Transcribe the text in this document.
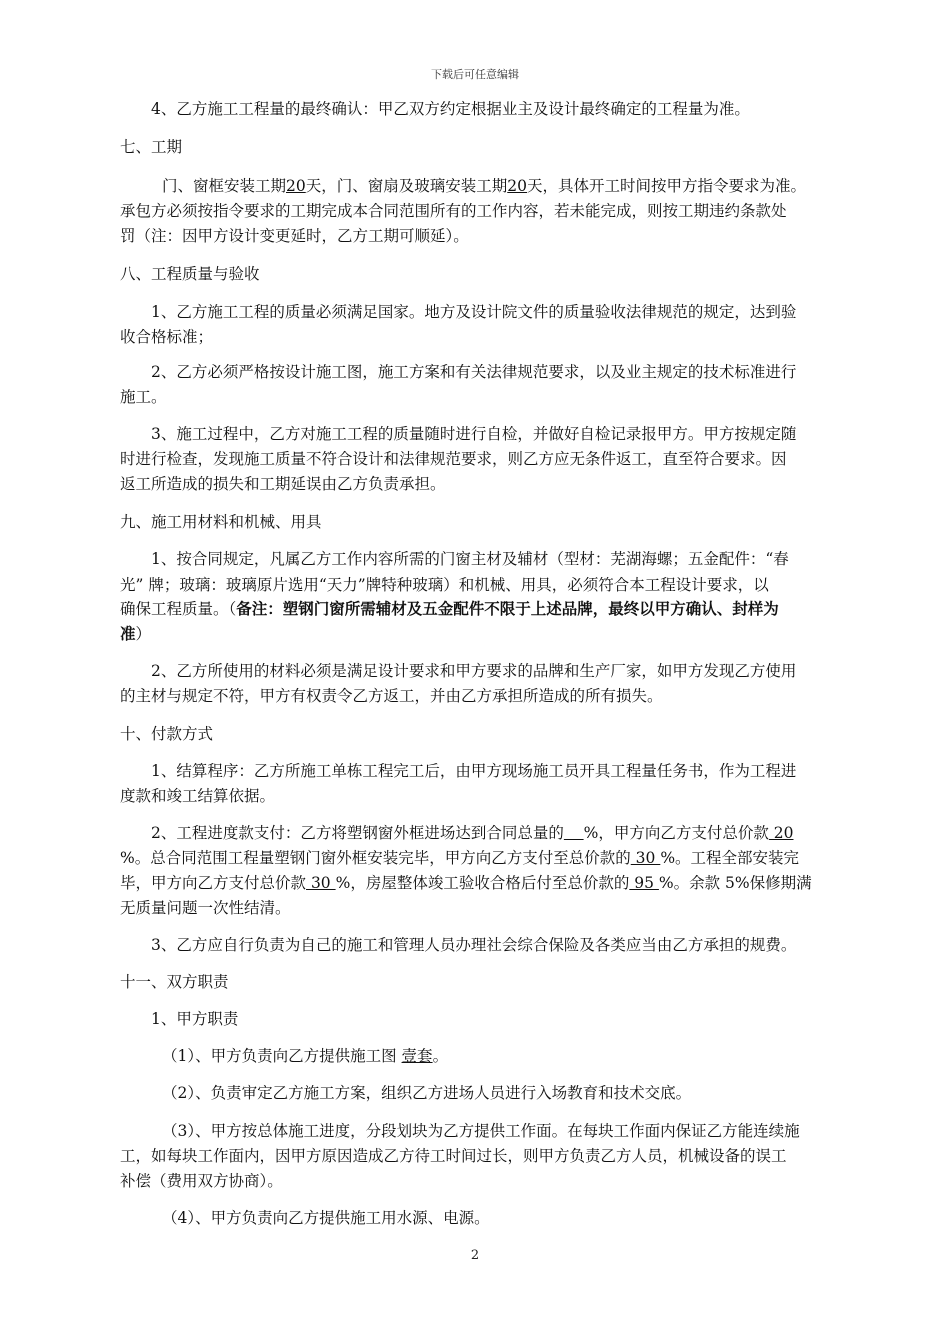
下载后可任意编辑
4、乙方施工工程量的最终确认：甲乙双方约定根据业主及设计最终确定的工程量为准。
七、工期
门、窗框安装工期20天，门、窗扇及玻璃安装工期20天，具体开工时间按甲方指令要求为准。
承包方必须按指令要求的工期完成本合同范围所有的工作内容，若未能完成，则按工期违约条款处
罚（注：因甲方设计变更延时，乙方工期可顺延）。
八、工程质量与验收
1、乙方施工工程的质量必须满足国家。地方及设计院文件的质量验收法律规范的规定，达到验
收合格标准；
2、乙方必须严格按设计施工图，施工方案和有关法律规范要求，以及业主规定的技术标准进行
施工。
3、施工过程中，乙方对施工工程的质量随时进行自检，并做好自检记录报甲方。甲方按规定随
时进行检查，发现施工质量不符合设计和法律规范要求，则乙方应无条件返工，直至符合要求。因
返工所造成的损失和工期延误由乙方负责承担。
九、施工用材料和机械、用具
1、按合同规定，凡属乙方工作内容所需的门窗主材及辅材（型材：芜湖海螺；五金配件：“春
光” 牌；玻璃：玻璃原片选用“天力”牌特种玻璃）和机械、用具，必须符合本工程设计要求，以
确保工程质量。（备注：塑钢门窗所需辅材及五金配件不限于上述品牌，最终以甲方确认、封样为
准）
2、乙方所使用的材料必须是满足设计要求和甲方要求的品牌和生产厂家，如甲方发现乙方使用
的主材与规定不符，甲方有权责令乙方返工，并由乙方承担所造成的所有损失。
十、付款方式
1、结算程序：乙方所施工单栋工程完工后，由甲方现场施工员开具工程量任务书，作为工程进
度款和竣工结算依据。
2、工程进度款支付：乙方将塑钢窗外框进场达到合同总量的 %，甲方向乙方支付总价款 20
%。总合同范围工程量塑钢门窗外框安装完毕，甲方向乙方支付至总价款的 30 %。工程全部安装完
毕，甲方向乙方支付总价款 30 %，房屋整体竣工验收合格后付至总价款的 95 %。余款 5%保修期满
无质量问题一次性结清。
3、乙方应自行负责为自己的施工和管理人员办理社会综合保险及各类应当由乙方承担的规费。
十一、双方职责
1、甲方职责
（1）、甲方负责向乙方提供施工图 壹套。
（2）、负责审定乙方施工方案，组织乙方进场人员进行入场教育和技术交底。
（3）、甲方按总体施工进度，分段划块为乙方提供工作面。在每块工作面内保证乙方能连续施
工，如每块工作面内，因甲方原因造成乙方待工时间过长，则甲方负责乙方人员，机械设备的误工
补偿（费用双方协商）。
（4）、甲方负责向乙方提供施工用水源、电源。
2
